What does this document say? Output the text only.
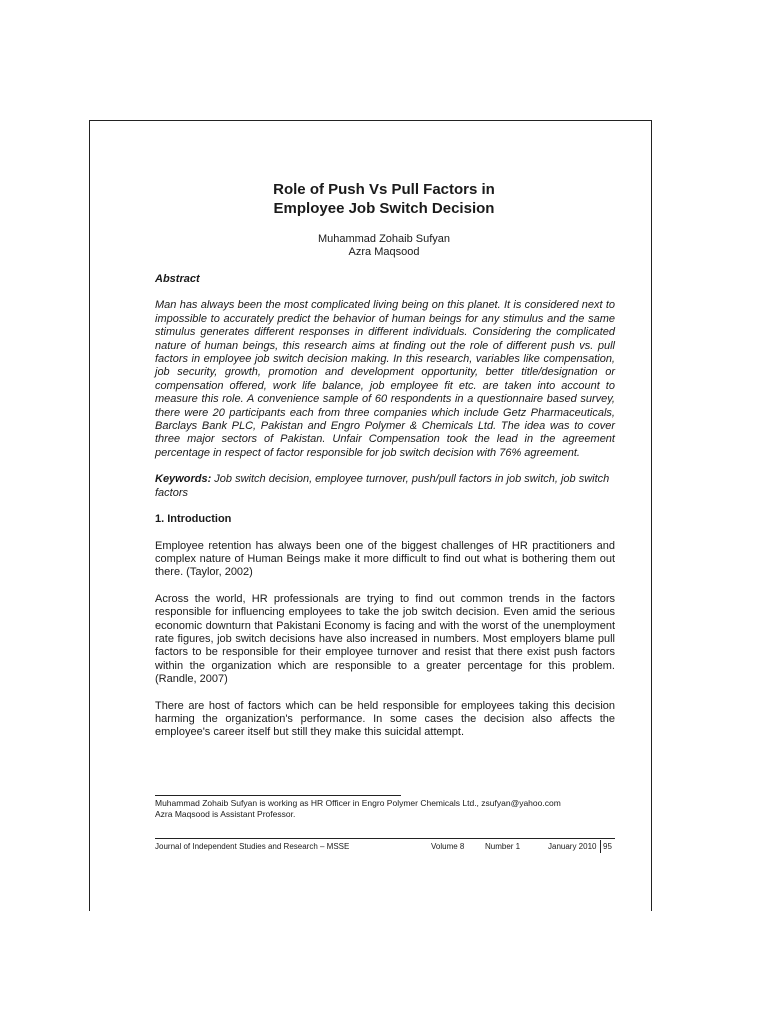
Role of Push Vs Pull Factors in
Employee Job Switch Decision
Muhammad Zohaib Sufyan
Azra Maqsood

Abstract

Man has always been the most complicated living being on this planet. It is considered next to impossible to accurately predict the behavior of human beings for any stimulus and the same stimulus generates different responses in different individuals. Considering the complicated nature of human beings, this research aims at finding out the role of different push vs. pull factors in employee job switch decision making. In this research, variables like compensation, job security, growth, promotion and development opportunity, better title/designation or compensation offered, work life balance, job employee fit etc. are taken into account to measure this role. A convenience sample of 60 respondents in a questionnaire based survey, there were 20 participants each from three companies which include Getz Pharmaceuticals, Barclays Bank PLC, Pakistan and Engro Polymer & Chemicals Ltd. The idea was to cover three major sectors of Pakistan. Unfair Compensation took the lead in the agreement percentage in respect of factor responsible for job switch decision with 76% agreement.

Keywords: Job switch decision, employee turnover, push/pull factors in job switch, job switch factors

1. Introduction

Employee retention has always been one of the biggest challenges of HR practitioners and complex nature of Human Beings make it more difficult to find out what is bothering them out there. (Taylor, 2002)

Across the world, HR professionals are trying to find out common trends in the factors responsible for influencing employees to take the job switch decision. Even amid the serious economic downturn that Pakistani Economy is facing and with the worst of the unemployment rate figures, job switch decisions have also increased in numbers. Most employers blame pull factors to be responsible for their employee turnover and resist that there exist push factors within the organization which are responsible to a greater percentage for this problem. (Randle, 2007)

There are host of factors which can be held responsible for employees taking this decision harming the organization's performance. In some cases the decision also affects the employee's career itself but still they make this suicidal attempt.

Muhammad Zohaib Sufyan is working as HR Officer in Engro Polymer Chemicals Ltd., zsufyan@yahoo.com
Azra Maqsood is Assistant Professor.
Journal of Independent Studies and Research – MSSE	Volume 8	Number 1	January 2010 95
